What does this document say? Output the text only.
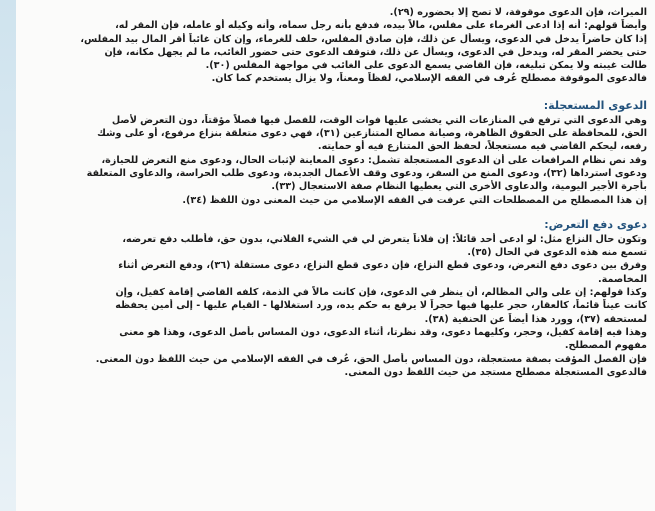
الميراث، فإن الدعوى موقوفة، لا تصح إلا بحضوره (٢٩).
وأيضاً قولهم: أنه إذا ادعى الغرماء على مفلس، مالاً بيده، فدفع بأنه رجل سماه، وأنه وكيله أو عامله، فإن المقر له،
إذا كان حاضراً يدخل في الدعوى، ويسأل عن ذلك، فإن صادق المفلس، حلف للغرماء، وإن كان غائباً أقر المال بيد المفلس،
حتى يحضر المقر له، ويدخل في الدعوى، ويسأل عن ذلك، فتوقف الدعوى حتى حضور الغائب، ما لم يجهل مكانه، فإن
طالت غيبته ولا يمكن تبليغه، فإن القاضي يسمع الدعوى على الغائب في مواجهة المفلس (٣٠).
فالدعوى الموقوفة مصطلح عُرف في الفقه الإسلامي، لفظاً ومعناً، ولا يزال يستخدم كما كان.
الدعوى المستعجلة:
وهي الدعوى التي ترفع في المنازعات التي يخشى عليها فوات الوقت، للفصل فيها فصلاً مؤقتاً، دون التعرض لأصل
الحق، للمحافظة على الحقوق الظاهرة، وصيانة مصالح المتنازعين (٣١)، فهي دعوى متعلقة بنزاع مرفوع، أو على وشك
رفعه، ليحكم القاضي فيه مستعجلاً، لحفظ الحق المتنازع فيه أو حمايته.
وقد نص نظام المرافعات على أن الدعوى المستعجلة تشمل: دعوى المعاينة لإثبات الحال، ودعوى منع التعرض للحيازة،
ودعوى استرداها (٣٢)، ودعوى المنع من السفر، ودعوى وقف الأعمال الجديدة، ودعوى طلب الحراسة، والدعاوى المتعلقة
بأجرة الأجير اليومية، والدعاوى الأخرى التي يعطيها النظام صفة الاستعجال (٣٣).
إن هذا المصطلح من المصطلحات التي عرفت في الفقه الإسلامي من حيث المعنى دون اللفظ (٣٤).
دعوى دفع التعرض:
وتكون حال النزاع مثل: لو ادعى أحد قائلاً: إن فلاناً يتعرض لي في الشيء الفلاني، بدون حق، فأطلب دفع تعرضه،
تسمع منه هذه الدعوى في الحال (٣٥).
وفرق بين دعوى دفع التعرض، ودعوى قطع النزاع، فإن دعوى قطع النزاع، دعوى مستقلة (٣٦)، ودفع التعرض أثناء
المخاصمة.
وكذا قولهم: إن على والي المظالم، أن ينظر في الدعوى، فإن كانت مالاً في الذمة، كلفه القاضي إقامة كفيل، وإن
كانت عيناً قائماً، كالعقار، حجر عليها فيها حجراً لا يرفع به حكم يده، ورد استغلالها - القيام عليها - إلى أمين يحفظه
لمستحقه (٣٧)، وورد هذا أيضاً عن الحنفية (٣٨).
وهذا فيه إقامة كفيل، وحجر، وكليهما دعوى، وقد نظرتا، أثناء الدعوى، دون المساس بأصل الدعوى، وهذا هو معنى
مفهوم المصطلح.
فإن الفصل المؤقت بصفة مستعجلة، دون المساس بأصل الحق، عُرف في الفقه الإسلامي من حيث اللفظ دون المعنى.
فالدعوى المستعجلة مصطلح مستجد من حيث اللفظ دون المعنى.
